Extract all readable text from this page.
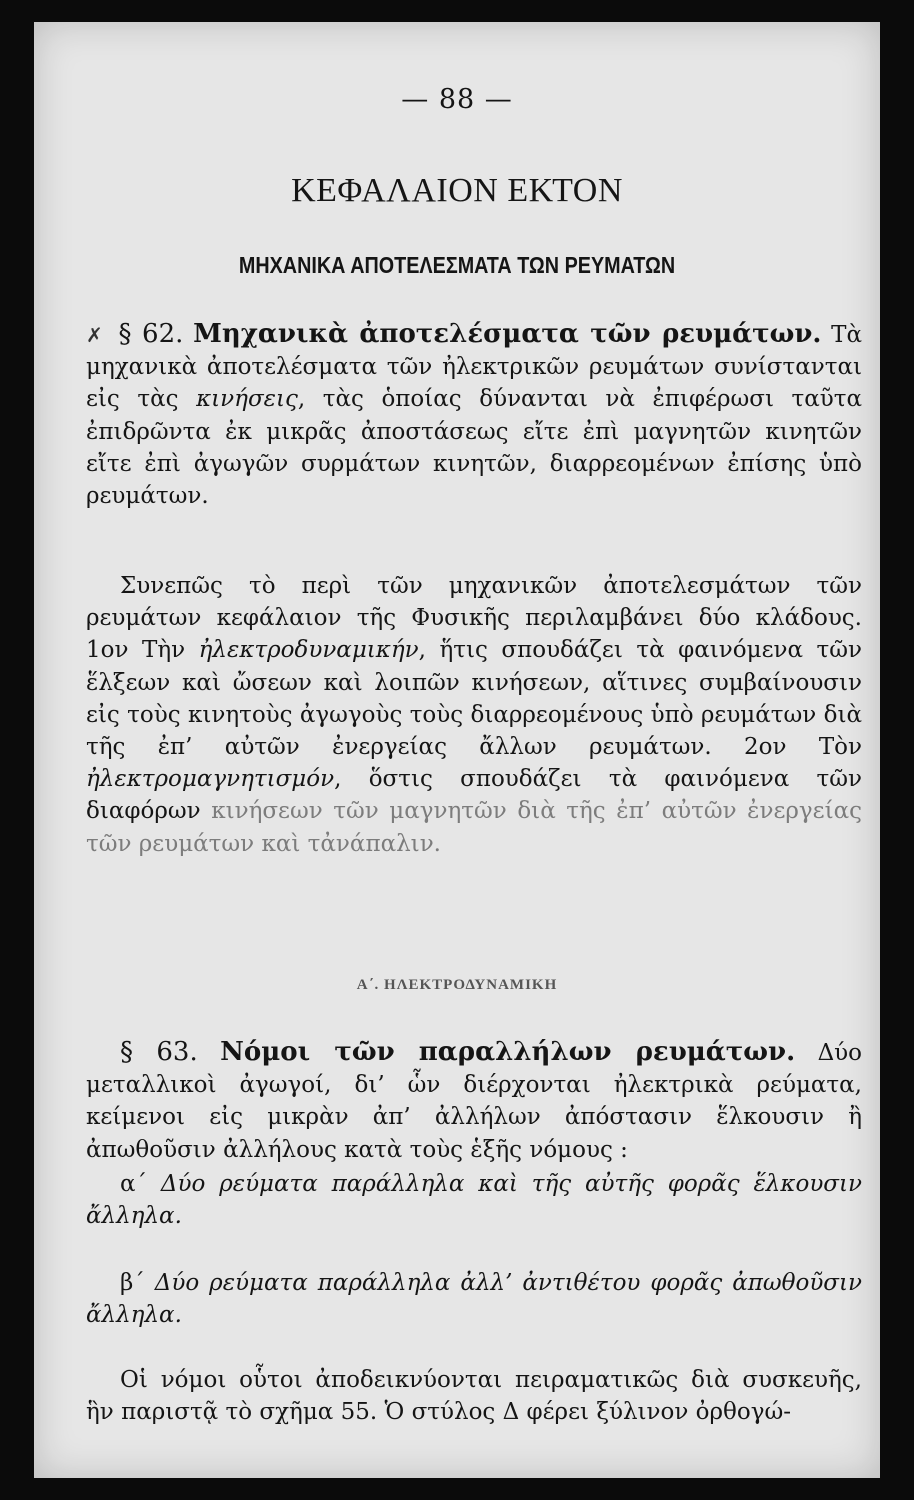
— 88 —
ΚΕΦΑΛΑΙΟΝ ΕΚΤΟΝ
ΜΗΧΑΝΙΚΑ ΑΠΟΤΕΛΕΣΜΑΤΑ ΤΩΝ ΡΕΥΜΑΤΩΝ
✗ § 62. Μηχανικὰ ἀποτελέσματα τῶν ρευμάτων. Τὰ μηχανικὰ ἀποτελέσματα τῶν ἠλεκτρικῶν ρευμάτων συνίστανται εἰς τὰς κινήσεις, τὰς ὁποίας δύνανται νὰ ἐπιφέρωσι ταῦτα ἐπιδρῶντα ἐκ μικρᾶς ἀποστάσεως εἴτε ἐπὶ μαγνητῶν κινητῶν εἴτε ἐπὶ ἀγωγῶν συρμάτων κινητῶν, διαρρεομένων ἐπίσης ὑπὸ ρευμάτων.
Συνεπῶς τὸ περὶ τῶν μηχανικῶν ἀποτελεσμάτων τῶν ρευμάτων κεφάλαιον τῆς Φυσικῆς περιλαμβάνει δύο κλάδους. 1ον Τὴν ἠλεκτροδυναμικήν, ἥτις σπουδάζει τὰ φαινόμενα τῶν ἕλξεων καὶ ὤσεων καὶ λοιπῶν κινήσεων, αἵτινες συμβαίνουσιν εἰς τοὺς κινητοὺς ἀγωγοὺς τοὺς διαρρεομένους ὑπὸ ρευμάτων διὰ τῆς ἐπ’ αὐτῶν ἐνεργείας ἄλλων ρευμάτων. 2ον Τὸν ἠλεκτρομαγνητισμόν, ὅστις σπουδάζει τὰ φαινόμενα τῶν διαφόρων κινήσεων τῶν μαγνητῶν διὰ τῆς ἐπ’ αὐτῶν ἐνεργείας τῶν ρευμάτων καὶ τἀνάπαλιν.
Α΄. ΗΛΕΚΤΡΟΔΥΝΑΜΙΚΗ
§ 63. Νόμοι τῶν παραλλήλων ρευμάτων. Δύο μεταλλικοὶ ἀγωγοί, δι’ ὧν διέρχονται ἠλεκτρικὰ ρεύματα, κείμενοι εἰς μικρὰν ἀπ’ ἀλλήλων ἀπόστασιν ἕλκουσιν ἢ ἀπωθοῦσιν ἀλλήλους κατὰ τοὺς ἑξῆς νόμους :
α΄ Δύο ρεύματα παράλληλα καὶ τῆς αὐτῆς φορᾶς ἕλκουσιν ἄλληλα.
β΄ Δύο ρεύματα παράλληλα ἀλλ’ ἀντιθέτου φορᾶς ἀπωθοῦσιν ἄλληλα.
Οἱ νόμοι οὗτοι ἀποδεικνύονται πειραματικῶς διὰ συσκευῆς, ἣν παριστᾷ τὸ σχῆμα 55. Ὁ στύλος Δ φέρει ξύλινον ὀρθογώ-
